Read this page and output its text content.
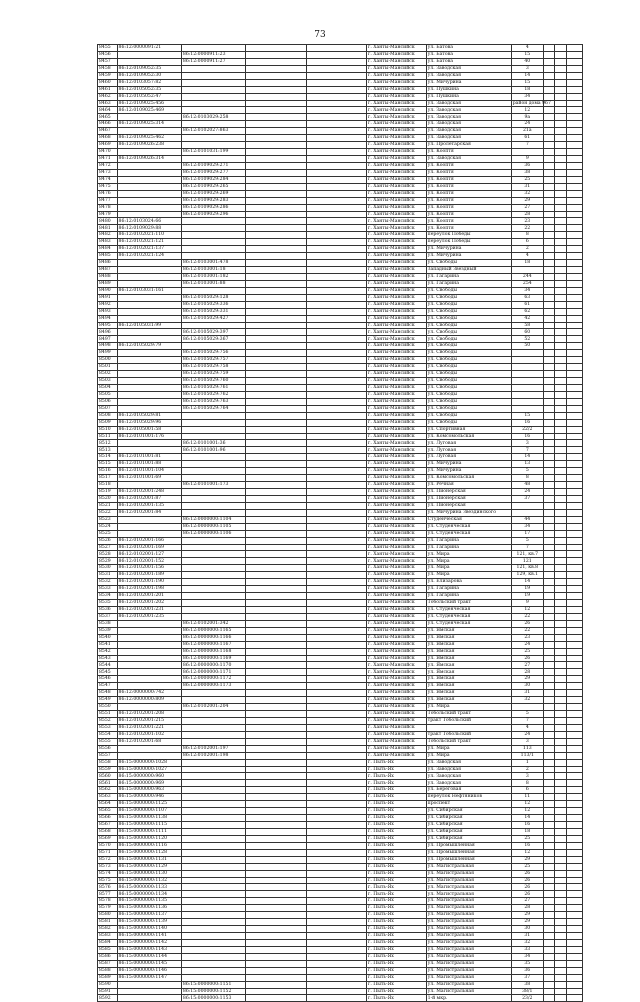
73
8455	86:12:0000091:21				г. Ханты-Мансийск	ул. Батова	4			
8456		86:12:0000911:23			г. Ханты-Мансийск	ул. Батова	15			
8457		86:12:0000911:27			г. Ханты-Мансийск	ул. Батова	40			
8458	86:12:0109052:35				г. Ханты-Мансийск	ул. Заводская	3			
8459	86:12:0109052:30				г. Ханты-Мансийск	ул. Заводская	14			
8460	86:12:0103057:82				г. Ханты-Мансийск	ул. Мичурина	15			
8461	86:12:0105052:35				г. Ханты-Мансийск	ул. Пушкина	18			
8462	86:12:0105052:47				г. Ханты-Мансийск	ул. Пушкина	34			
8463	86:12:0109025:456				г. Ханты-Мансийск	ул. Заводская	район дома 967			
8464	86:12:0109025:469				г. Ханты-Мансийск	ул. Заводская	12			
8465		86:12:0103029:258			г. Ханты-Мансийск	ул. Заводская	9а			
8466	86:12:0109025:314				г. Ханты-Мансийск	ул. Заводская	24			
8467		86:12:0102027:863			г. Ханты-Мансийск	ул. Заводская	21а			
8468	86:12:0109025:462				г. Ханты-Мансийск	ул. Заводская	61			
8469	86:12:0109026:238				г. Ханты-Мансийск	ул. Пролетарская	7			
8470		86:12:0101031:199			г. Ханты-Мансийск	ул. Кооптя				
8471	86:12:0109026:314				г. Ханты-Мансийск	ул. Заводская	9			
8472		86:12:0109029:271			г. Ханты-Мансийск	ул. Кооптя	36			
8473		86:12:0109029:277			г. Ханты-Мансийск	ул. Кооптя	38			
8474		86:12:0109029:284			г. Ханты-Мансийск	ул. Кооптя	25			
8475		86:12:0109029:265			г. Ханты-Мансийск	ул. Кооптя	31			
8476		86:12:0109029:269			г. Ханты-Мансийск	ул. Кооптя	32			
8477		86:12:0109029:283			г. Ханты-Мансийск	ул. Кооптя	29			
8478		86:12:0109029:286			г. Ханты-Мансийск	ул. Кооптя	27			
8479		86:12:0109029:296			г. Ханты-Мансийск	ул. Кооптя	28			
8480	86:12:0103024:66				г. Ханты-Мансийск	ул. Кооптя	23			
8481	86:12:0109029:88				г. Ханты-Мансийск	ул. Кооптя	22			
8482	86:12:0102021:110				г. Ханты-Мансийск	переулок Победы	8			
8483	86:12:0102021:121				г. Ханты-Мансийск	переулок Победы	6			
8484	86:12:0102021:137				г. Ханты-Мансийск	ул. Мичурина	2			
8485	86:12:0102021:124				г. Ханты-Мансийск	ул. Мичурина	4			
8486		86:12:0103001:478			г. Ханты-Мансийск	ул. Свободы	18			
8487		86:12:0103001:18			г. Ханты-Мансийск	Западный Звездный				
8488		86:12:0103001:182			г. Ханты-Мансийск	ул. Гагарина	244			
8489		86:12:0103001:88			г. Ханты-Мансийск	ул. Гагарина	254			
8490	86:12:0103031:161				г. Ханты-Мансийск	ул. Свободы	34			
8491		86:12:0105029:128			г. Ханты-Мансийск	ул. Свободы	63			
8492		86:12:0105029:336			г. Ханты-Мансийск	ул. Свободы	61			
8493		86:12:0105029:331			г. Ханты-Мансийск	ул. Свободы	62			
8494		86:12:0105029:427			г. Ханты-Мансийск	ул. Свободы	42			
8495	86:12:0105031:99				г. Ханты-Мансийск	ул. Свободы	58			
8496		86:12:0105029:397			г. Ханты-Мансийск	ул. Свободы	60			
8497		86:12:0105029:367			г. Ханты-Мансийск	ул. Свободы	52			
8498	86:12:0105029:79				г. Ханты-Мансийск	ул. Свободы	50			
8499		86:12:0105029:756			г. Ханты-Мансийск	ул. Свободы				
8500		86:12:0105029:757			г. Ханты-Мансийск	ул. Свободы				
8501		86:12:0105029:758			г. Ханты-Мансийск	ул. Свободы				
8502		86:12:0105029:759			г. Ханты-Мансийск	ул. Свободы				
8503		86:12:0105029:760			г. Ханты-Мансийск	ул. Свободы				
8504		86:12:0105029:761			г. Ханты-Мансийск	ул. Свободы				
8505		86:12:0105029:762			г. Ханты-Мансийск	ул. Свободы				
8506		86:12:0105029:763			г. Ханты-Мансийск	ул. Свободы				
8507		86:12:0105029:764			г. Ханты-Мансийск	ул. Свободы				
8508	86:12:0105029:81				г. Ханты-Мансийск	ул. Свободы	15			
8509	86:12:0105029:96				г. Ханты-Мансийск	ул. Свободы	16			
8510	86:12:0105001:58				г. Ханты-Мансийск	ул. Спортивная	22/2			
8511	86:12:0101001:176				г. Ханты-Мансийск	ул. Комсомольская	16			
8512		86:12:0101001:36			г. Ханты-Мансийск	ул. Луговая	3			
8513		86:12:0101001:96			г. Ханты-Мансийск	ул. Луговая	7			
8514	86:12:0101001:81				г. Ханты-Мансийск	ул. Луговая	14			
8515	86:12:0101001:88				г. Ханты-Мансийск	ул. Мичурина	13			
8516	86:12:0101001:104				г. Ханты-Мансийск	ул. Мичурина	5			
8517	86:12:0101001:69				г. Ханты-Мансийск	ул. Комсомольская	8			
8518		86:12:0101001:173			г. Ханты-Мансийск	ул. Речная	48			
8519	86:12:0102001:248				г. Ханты-Мансийск	ул. Пионерская	24			
8520	86:12:0102001:87				г. Ханты-Мансийск	ул. Пионерская	37			
8521	86:12:0102001:135				г. Ханты-Мансийск	ул. Пионерская				
8522	86:12:0102001:84				г. Ханты-Мансийск	ул. Мичурина Звездинского				
8523		86:12:0000000:1104			г. Ханты-Мансийск	Студенческая	44			
8524		86:12:0000000:1105			г. Ханты-Мансийск	ул. Студенческая	34			
8525		86:12:0000000:1106			г. Ханты-Мансийск	ул. Студенческая	17			
8526	86:12:0102001:166				г. Ханты-Мансийск	ул. Гагарина	5			
8527	86:12:0102001:169				г. Ханты-Мансийск	ул. Гагарина	7			
8528	86:12:0102001:127				г. Ханты-Мансийск	ул. Мира	121, кв.7			
8529	86:12:0102001:152				г. Ханты-Мансийск	ул. Мира	121			
8530	86:12:0102001:156				г. Ханты-Мансийск	ул. Мира	121, кв.8			
8531	86:12:0102001:189				г. Ханты-Мансийск	ул. Мира	129, кв.1			
8532	86:12:0102001:190				г. Ханты-Мансийск	ул. Елизарова	14			
8533	86:12:0102001:198				г. Ханты-Мансийск	ул. Гагарина	19			
8534	86:12:0102001:201				г. Ханты-Мансийск	ул. Гагарина	19			
8535	86:12:0102001:202				г. Ханты-Мансийск	Тобольский тракт	9			
8536	86:12:0102001:231				г. Ханты-Мансийск	ул. Студенческая	12			
8537	86:12:0102001:235				г. Ханты-Мансийск	ул. Студенческая	22			
8538		86:12:0102001:342			г. Ханты-Мансийск	ул. Студенческая	26			
8539		86:12:0000000:1165			г. Ханты-Мансийск	ул. Ямская	22			
8540		86:12:0000000:1166			г. Ханты-Мансийск	ул. Ямская	23			
8541		86:12:0000000:1167			г. Ханты-Мансийск	ул. Ямская	24			
8542		86:12:0000000:1168			г. Ханты-Мансийск	ул. Ямская	25			
8543		86:12:0000000:1169			г. Ханты-Мансийск	ул. Ямская	26			
8544		86:12:0000000:1170			г. Ханты-Мансийск	ул. Ямская	27			
8545		86:12:0000000:1171			г. Ханты-Мансийск	ул. Ямская	28			
8546		86:12:0000000:1172			г. Ханты-Мансийск	ул. Ямская	29			
8547		86:12:0000000:1173			г. Ханты-Мансийск	ул. Ямская	30			
8548	86:12:0000000:742				г. Ханты-Мансийск	ул. Ямская	31			
8549	86:12:0000000:809				г. Ханты-Мансийск	ул. Ямская	32			
8550		86:12:0102001:204			г. Ханты-Мансийск	ул. Мира				
8551	86:12:0102001:208				г. Ханты-Мансийск	Тобольский тракт	5			
8552	86:12:0102001:215				г. Ханты-Мансийск	тракт Тобольский	7			
8553	86:12:0102001:221				г. Ханты-Мансийск		4			
8554	86:12:0102001:102				г. Ханты-Мансийск	тракт Тобольский	24			
8555	86:12:0102001:68				г. Ханты-Мансийск	Тобольский тракт	3			
8556		86:12:0102001:197			г. Ханты-Мансийск	ул. Мира	113			
8557		86:12:0102001:198			г. Ханты-Мансийск	ул. Мира	113/1			
8558	86:15:0000000:1028				г. Пыть-Ях	ул. Заводская	1			
8559	86:15:0000000:1027				г. Пыть-Ях	ул. Заводская	2			
8560	86:15:0000000:960				г. Пыть-Ях	ул. Заводская	3			
8561	86:15:0000000:969				г. Пыть-Ях	ул. Заводская	8			
8562	86:15:0000000:963				г. Пыть-Ях	ул. Береговая	6			
8563	86:15:0000000:946				г. Пыть-Ях	переулок Нефтяников	11			
8564	86:15:0000000:1125				г. Пыть-Ях	проспект	12			
8565	86:15:0000000:1107				г. Пыть-Ях	ул. Сибирская	12			
8566	86:15:0000000:1138				г. Пыть-Ях	ул. Сибирская	14			
8567	86:15:0000000:1115				г. Пыть-Ях	ул. Сибирская	16			
8568	86:15:0000000:1111				г. Пыть-Ях	ул. Сибирская	18			
8569	86:15:0000000:1120				г. Пыть-Ях	ул. Сибирская	25			
8570	86:15:0000000:1116				г. Пыть-Ях	ул. Промышленная	16			
8571	86:15:0000000:1128				г. Пыть-Ях	ул. Промышленная	12			
8572	86:15:0000000:1131				г. Пыть-Ях	ул. Промышленная	29			
8573	86:15:0000000:1129				г. Пыть-Ях	ул. Магистральная	25			
8574	86:15:0000000:1130				г. Пыть-Ях	ул. Магистральная	26			
8575	86:15:0000000:1132				г. Пыть-Ях	ул. Магистральная	26			
8576	86:15:0000000:1133				г. Пыть-Ях	ул. Магистральная	26			
8577	86:15:0000000:1134				г. Пыть-Ях	ул. Магистральная	26			
8578	86:15:0000000:1135				г. Пыть-Ях	ул. Магистральная	27			
8579	86:15:0000000:1136				г. Пыть-Ях	ул. Магистральная	28			
8580	86:15:0000000:1137				г. Пыть-Ях	ул. Магистральная	29			
8581	86:15:0000000:1139				г. Пыть-Ях	ул. Магистральная	29			
8582	86:15:0000000:1140				г. Пыть-Ях	ул. Магистральная	30			
8583	86:15:0000000:1141				г. Пыть-Ях	ул. Магистральная	31			
8584	86:15:0000000:1142				г. Пыть-Ях	ул. Магистральная	32			
8585	86:15:0000000:1143				г. Пыть-Ях	ул. Магистральная	33			
8586	86:15:0000000:1144				г. Пыть-Ях	ул. Магистральная	34			
8587	86:15:0000000:1145				г. Пыть-Ях	ул. Магистральная	35			
8588	86:15:0000000:1146				г. Пыть-Ях	ул. Магистральная	36			
8589	86:15:0000000:1147				г. Пыть-Ях	ул. Магистральная	37			
8590		86:15:0000000:1151			г. Пыть-Ях	ул. Магистральная	38			
8591		86:15:0000000:1152			г. Пыть-Ях	ул. Магистральная	38/1			
8592		86:15:0000000:1153			г. Пыть-Ях	1-й мкр.	23/2			
